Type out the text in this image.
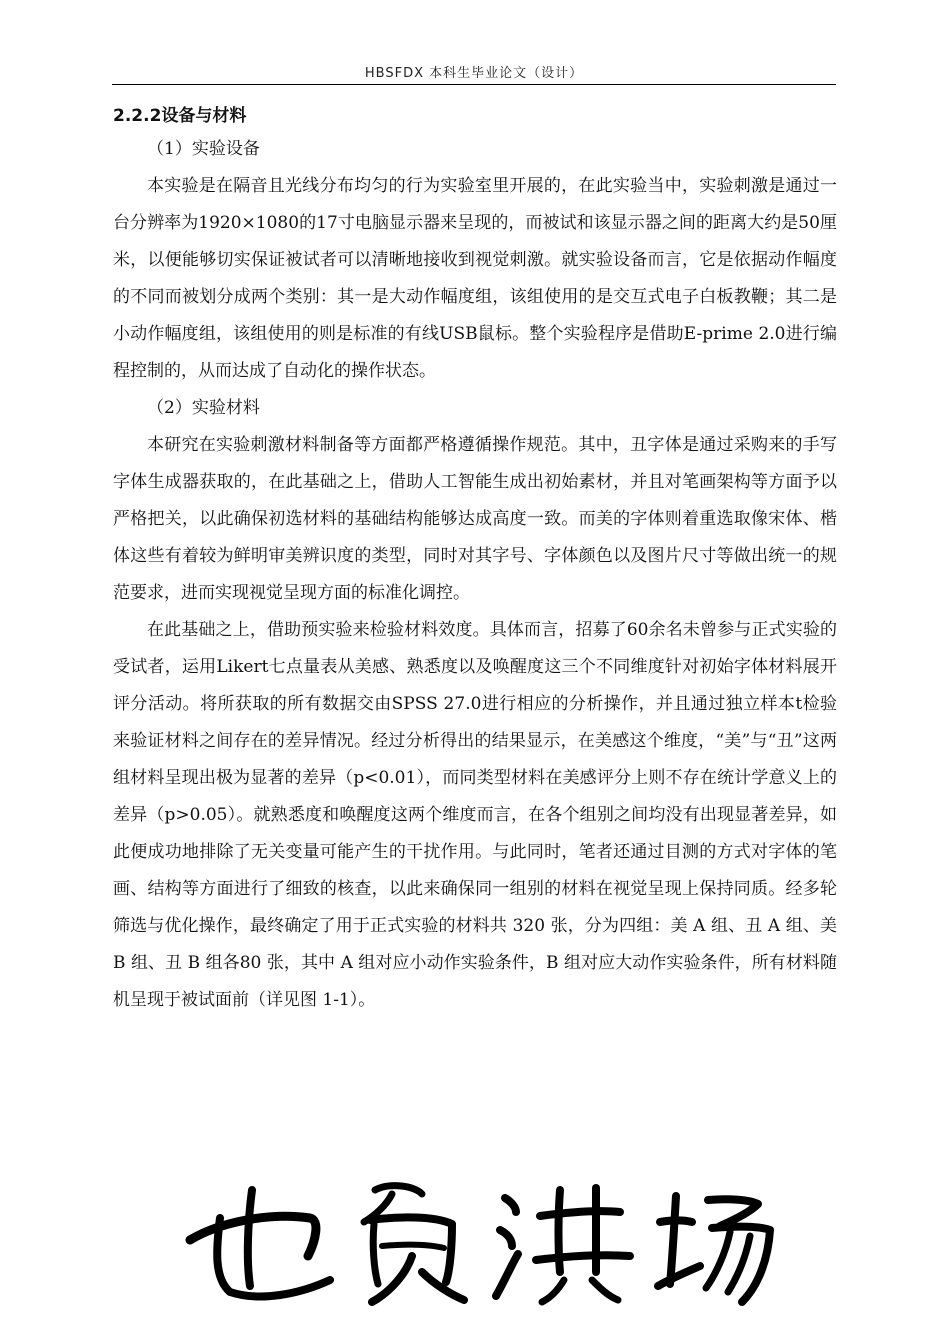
HBSFDX 本科生毕业论文（设计）
2.2.2设备与材料
（1）实验设备

本实验是在隔音且光线分布均匀的行为实验室里开展的，在此实验当中，实验刺激是通过一台分辨率为1920×1080的17寸电脑显示器来呈现的，而被试和该显示器之间的距离大约是50厘米，以便能够切实保证被试者可以清晰地接收到视觉刺激。就实验设备而言，它是依据动作幅度的不同而被划分成两个类别：其一是大动作幅度组，该组使用的是交互式电子白板教鞭；其二是小动作幅度组，该组使用的则是标准的有线USB鼠标。整个实验程序是借助E-prime 2.0进行编程控制的，从而达成了自动化的操作状态。

（2）实验材料

本研究在实验刺激材料制备等方面都严格遵循操作规范。其中，丑字体是通过采购来的手写字体生成器获取的，在此基础之上，借助人工智能生成出初始素材，并且对笔画架构等方面予以严格把关，以此确保初选材料的基础结构能够达成高度一致。而美的字体则着重选取像宋体、楷体这些有着较为鲜明审美辨识度的类型，同时对其字号、字体颜色以及图片尺寸等做出统一的规范要求，进而实现视觉呈现方面的标准化调控。

在此基础之上，借助预实验来检验材料效度。具体而言，招募了60余名未曾参与正式实验的受试者，运用Likert七点量表从美感、熟悉度以及唤醒度这三个不同维度针对初始字体材料展开评分活动。将所获取的所有数据交由SPSS 27.0进行相应的分析操作，并且通过独立样本t检验来验证材料之间存在的差异情况。经过分析得出的结果显示，在美感这个维度，“美”与“丑”这两组材料呈现出极为显著的差异（p<0.01），而同类型材料在美感评分上则不存在统计学意义上的差异（p>0.05）。就熟悉度和唤醒度这两个维度而言，在各个组别之间均没有出现显著差异，如此便成功地排除了无关变量可能产生的干扰作用。与此同时，笔者还通过目测的方式对字体的笔画、结构等方面进行了细致的核查，以此来确保同一组别的材料在视觉呈现上保持同质。经多轮筛选与优化操作，最终确定了用于正式实验的材料共 320 张，分为四组：美 A 组、丑 A 组、美 B 组、丑 B 组各80 张，其中 A 组对应小动作实验条件，B 组对应大动作实验条件，所有材料随机呈现于被试面前（详见图 1-1）。
